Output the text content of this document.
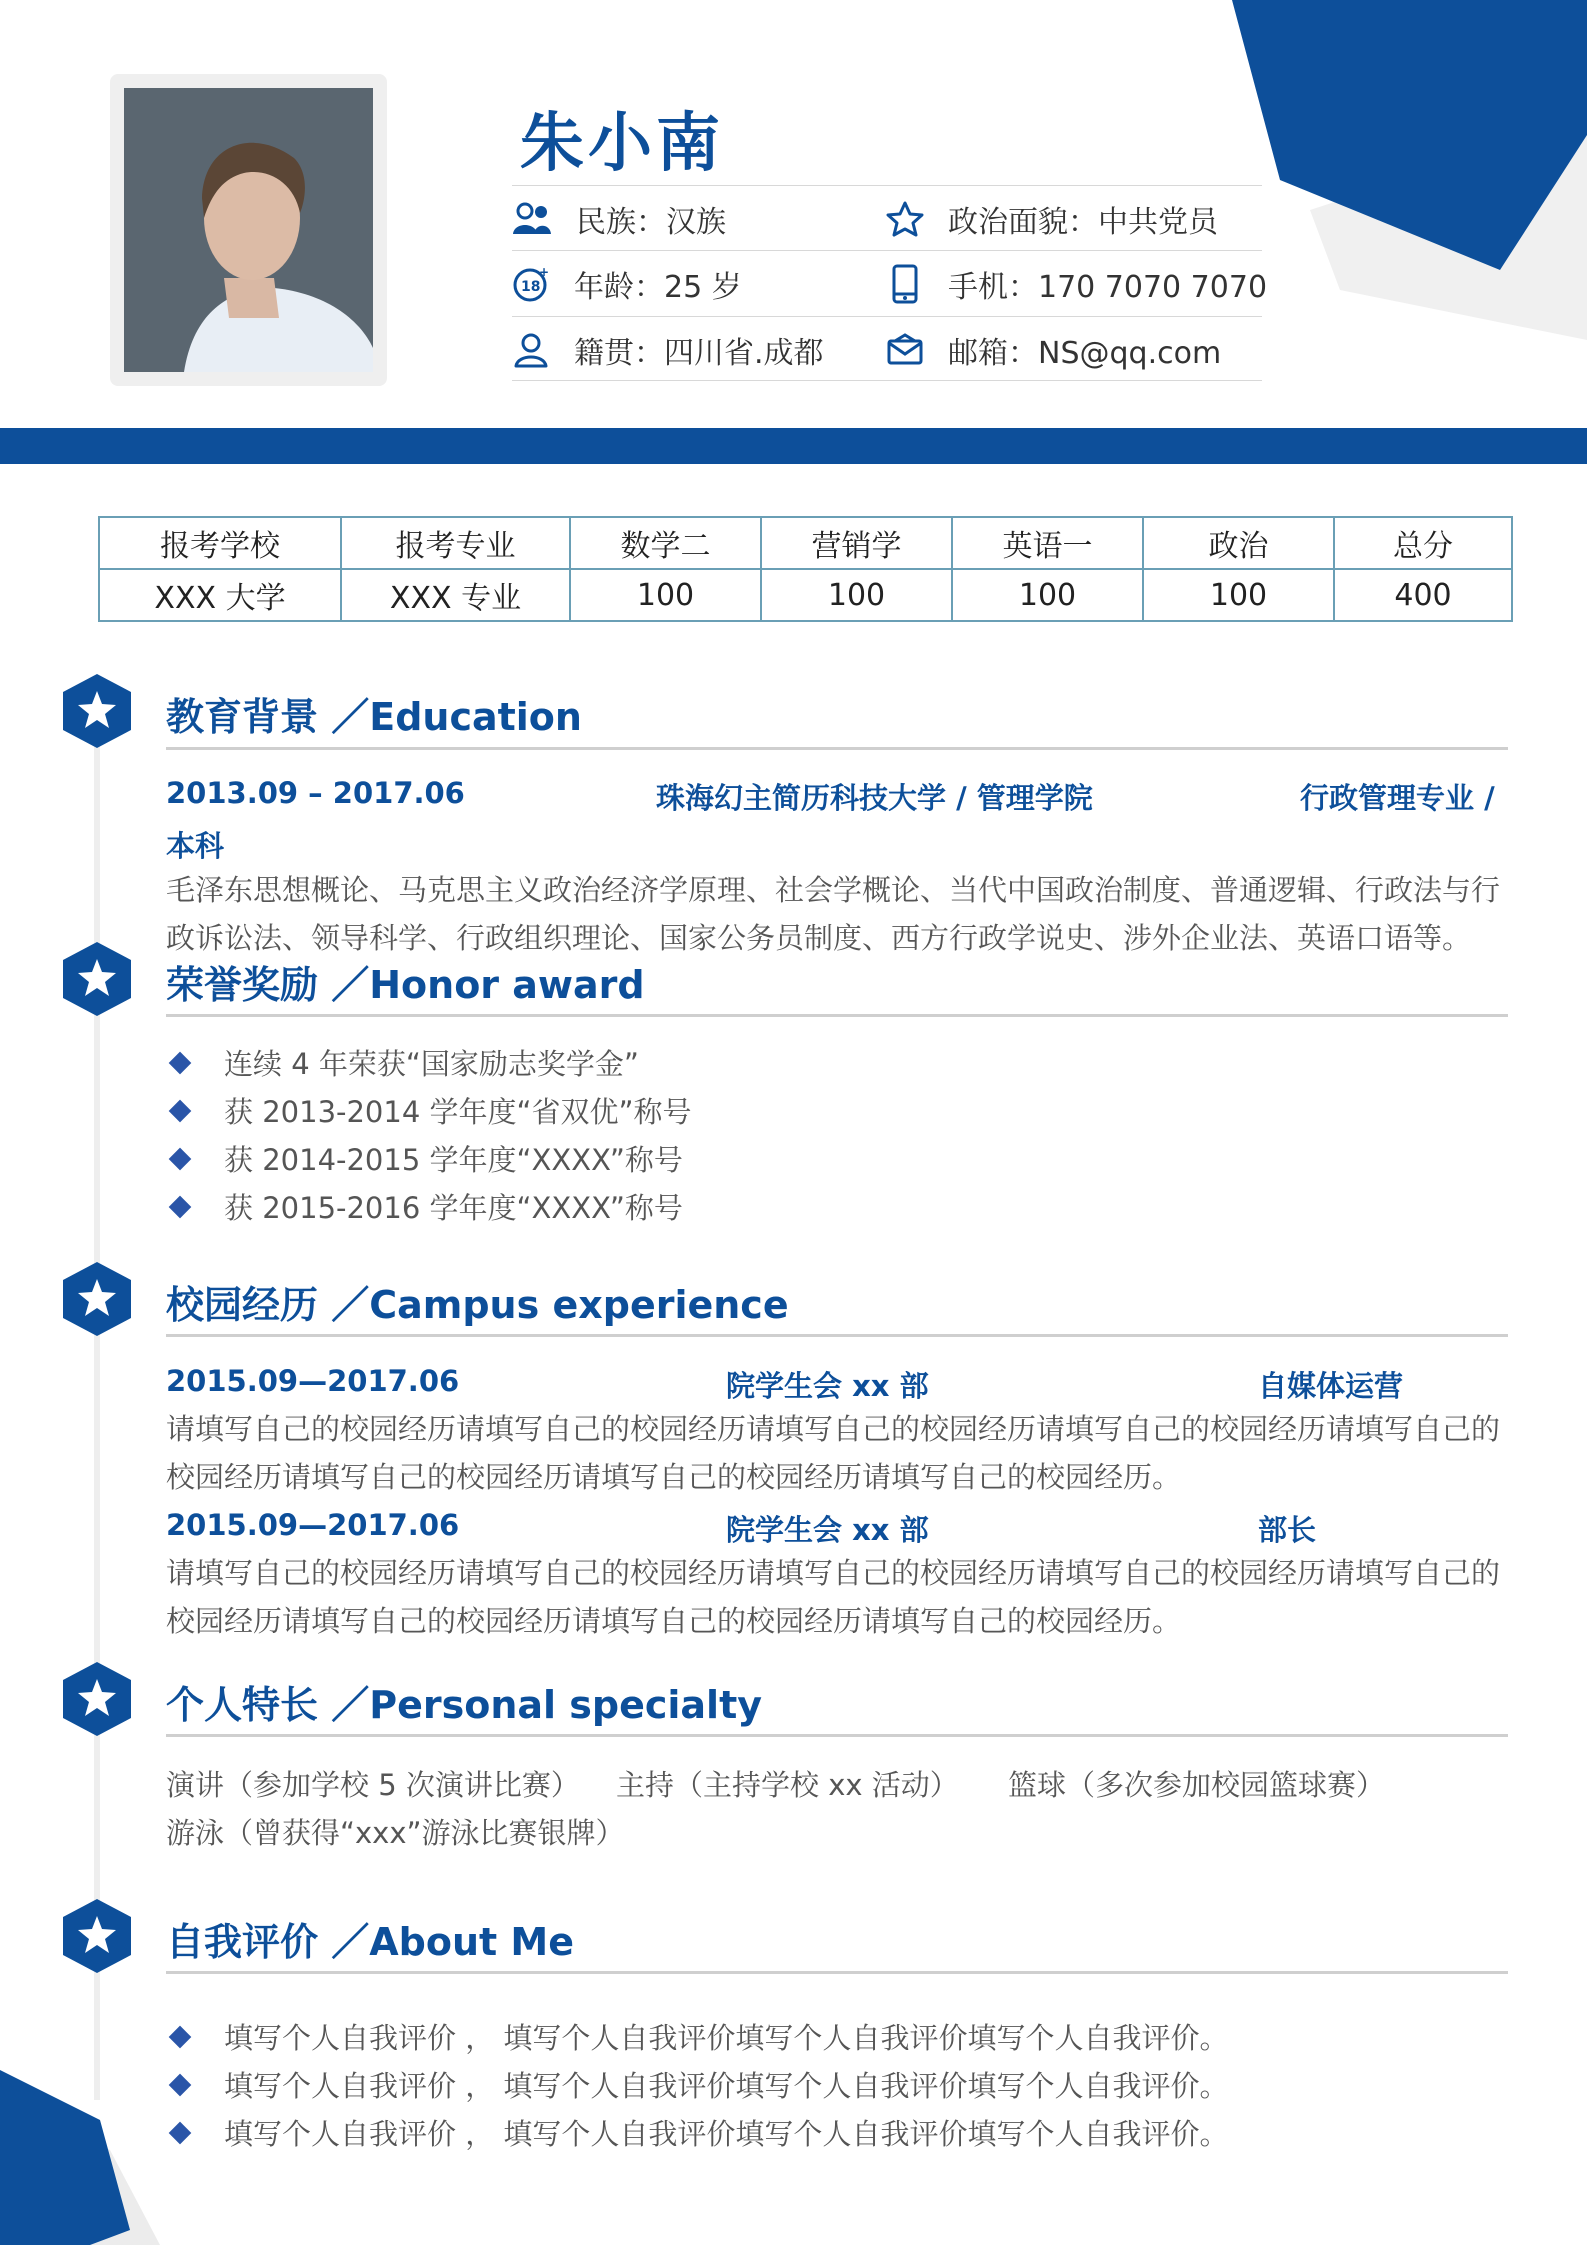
朱小南
民族：汉族	政治面貌：中共党员
18
+ 年龄：25 岁	手机：170 7070 7070
籍贯：四川省.成都	邮箱：NS@qq.com
报考学校	报考专业	数学二	营销学	英语一	政治	总分
XXX 大学	XXX 专业	100	100	100	100	400
教育背景 ／Education
2013.09 – 2017.06	珠海幻主简历科技大学 / 管理学院	行政管理专业 /
本科
毛泽东思想概论、马克思主义政治经济学原理、社会学概论、当代中国政治制度、普通逻辑、行政法与行政诉讼法、领导科学、行政组织理论、国家公务员制度、西方行政学说史、涉外企业法、英语口语等。
荣誉奖励 ／Honor award
连续 4 年荣获“国家励志奖学金”
获 2013-2014 学年度“省双优”称号
获 2014-2015 学年度“XXXX”称号
获 2015-2016 学年度“XXXX”称号
校园经历 ／Campus experience
2015.09—2017.06	院学生会 xx 部	自媒体运营
请填写自己的校园经历请填写自己的校园经历请填写自己的校园经历请填写自己的校园经历请填写自己的校园经历请填写自己的校园经历请填写自己的校园经历请填写自己的校园经历。
2015.09—2017.06	院学生会 xx 部	部长
请填写自己的校园经历请填写自己的校园经历请填写自己的校园经历请填写自己的校园经历请填写自己的校园经历请填写自己的校园经历请填写自己的校园经历请填写自己的校园经历。
个人特长 ／Personal specialty
演讲（参加学校 5 次演讲比赛） 主持（主持学校 xx 活动） 篮球（多次参加校园篮球赛）
游泳（曾获得“xxx”游泳比赛银牌）
自我评价 ／About Me
填写个人自我评价 ， 填写个人自我评价填写个人自我评价填写个人自我评价。
填写个人自我评价 ， 填写个人自我评价填写个人自我评价填写个人自我评价。
填写个人自我评价 ， 填写个人自我评价填写个人自我评价填写个人自我评价。
